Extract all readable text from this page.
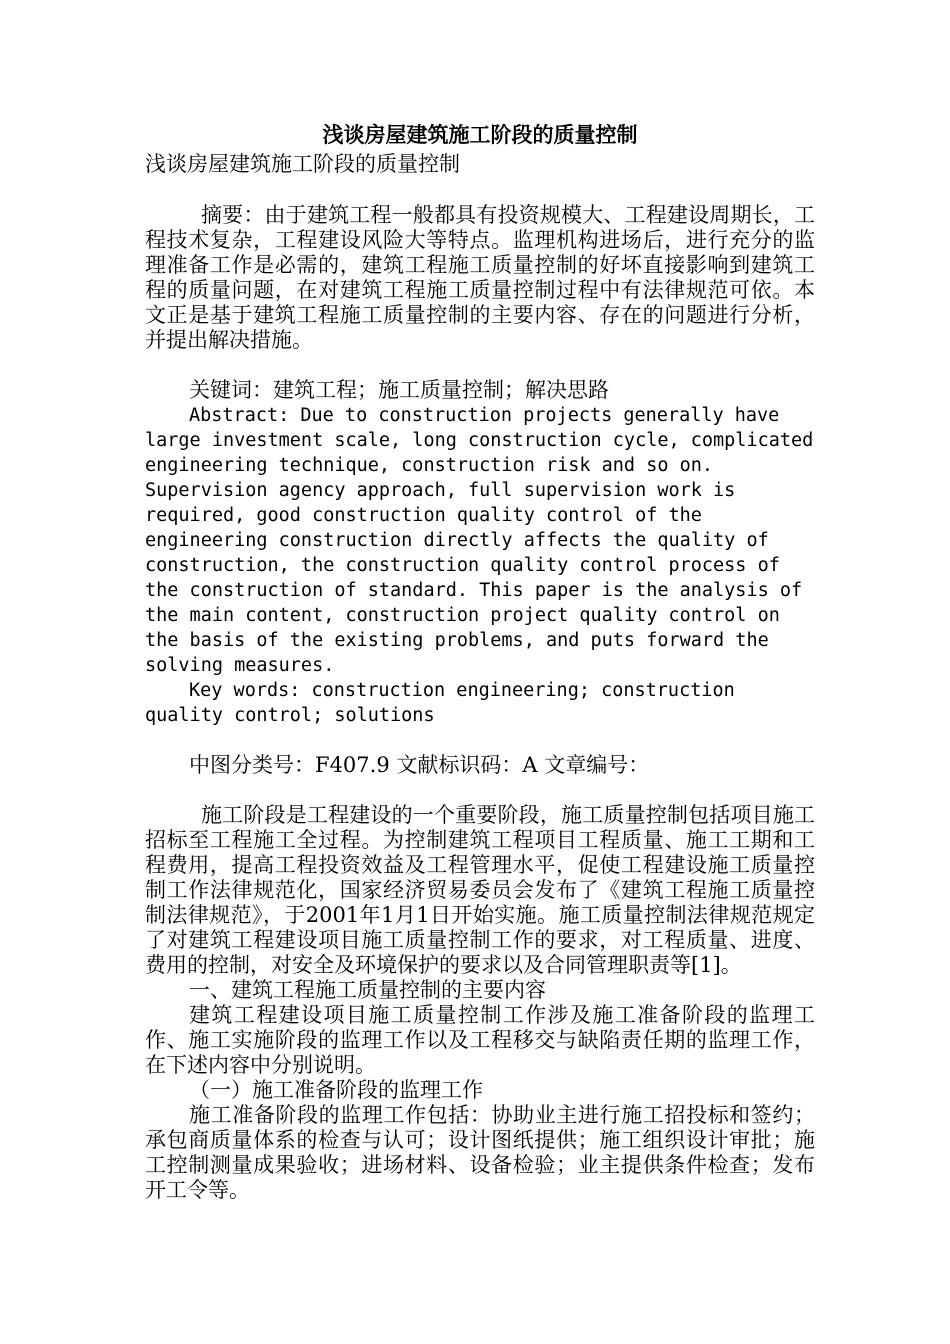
浅谈房屋建筑施工阶段的质量控制

浅谈房屋建筑施工阶段的质量控制

摘要：由于建筑工程一般都具有投资规模大、工程建设周期长，工程技术复杂，工程建设风险大等特点。监理机构进场后，进行充分的监理准备工作是必需的，建筑工程施工质量控制的好坏直接影响到建筑工程的质量问题，在对建筑工程施工质量控制过程中有法律规范可依。本文正是基于建筑工程施工质量控制的主要内容、存在的问题进行分析，并提出解决措施。

关键词：建筑工程；施工质量控制；解决思路

Abstract: Due to construction projects generally have large investment scale, long construction cycle, complicated engineering technique, construction risk and so on. Supervision agency approach, full supervision work is required, good construction quality control of the engineering construction directly affects the quality of construction, the construction quality control process of the construction of standard. This paper is the analysis of the main content, construction project quality control on the basis of the existing problems, and puts forward the solving measures.

Key words: construction engineering; construction quality control; solutions

中图分类号：F407.9 文献标识码：A 文章编号：

施工阶段是工程建设的一个重要阶段，施工质量控制包括项目施工招标至工程施工全过程。为控制建筑工程项目工程质量、施工工期和工程费用，提高工程投资效益及工程管理水平，促使工程建设施工质量控制工作法律规范化，国家经济贸易委员会发布了《建筑工程施工质量控制法律规范》，于2001年1月1日开始实施。施工质量控制法律规范规定了对建筑工程建设项目施工质量控制工作的要求，对工程质量、进度、费用的控制，对安全及环境保护的要求以及合同管理职责等[1]。

一、建筑工程施工质量控制的主要内容

建筑工程建设项目施工质量控制工作涉及施工准备阶段的监理工作、施工实施阶段的监理工作以及工程移交与缺陷责任期的监理工作，在下述内容中分别说明。

（一）施工准备阶段的监理工作

施工准备阶段的监理工作包括：协助业主进行施工招投标和签约；承包商质量体系的检查与认可；设计图纸提供；施工组织设计审批；施工控制测量成果验收；进场材料、设备检验；业主提供条件检查；发布开工令等。
